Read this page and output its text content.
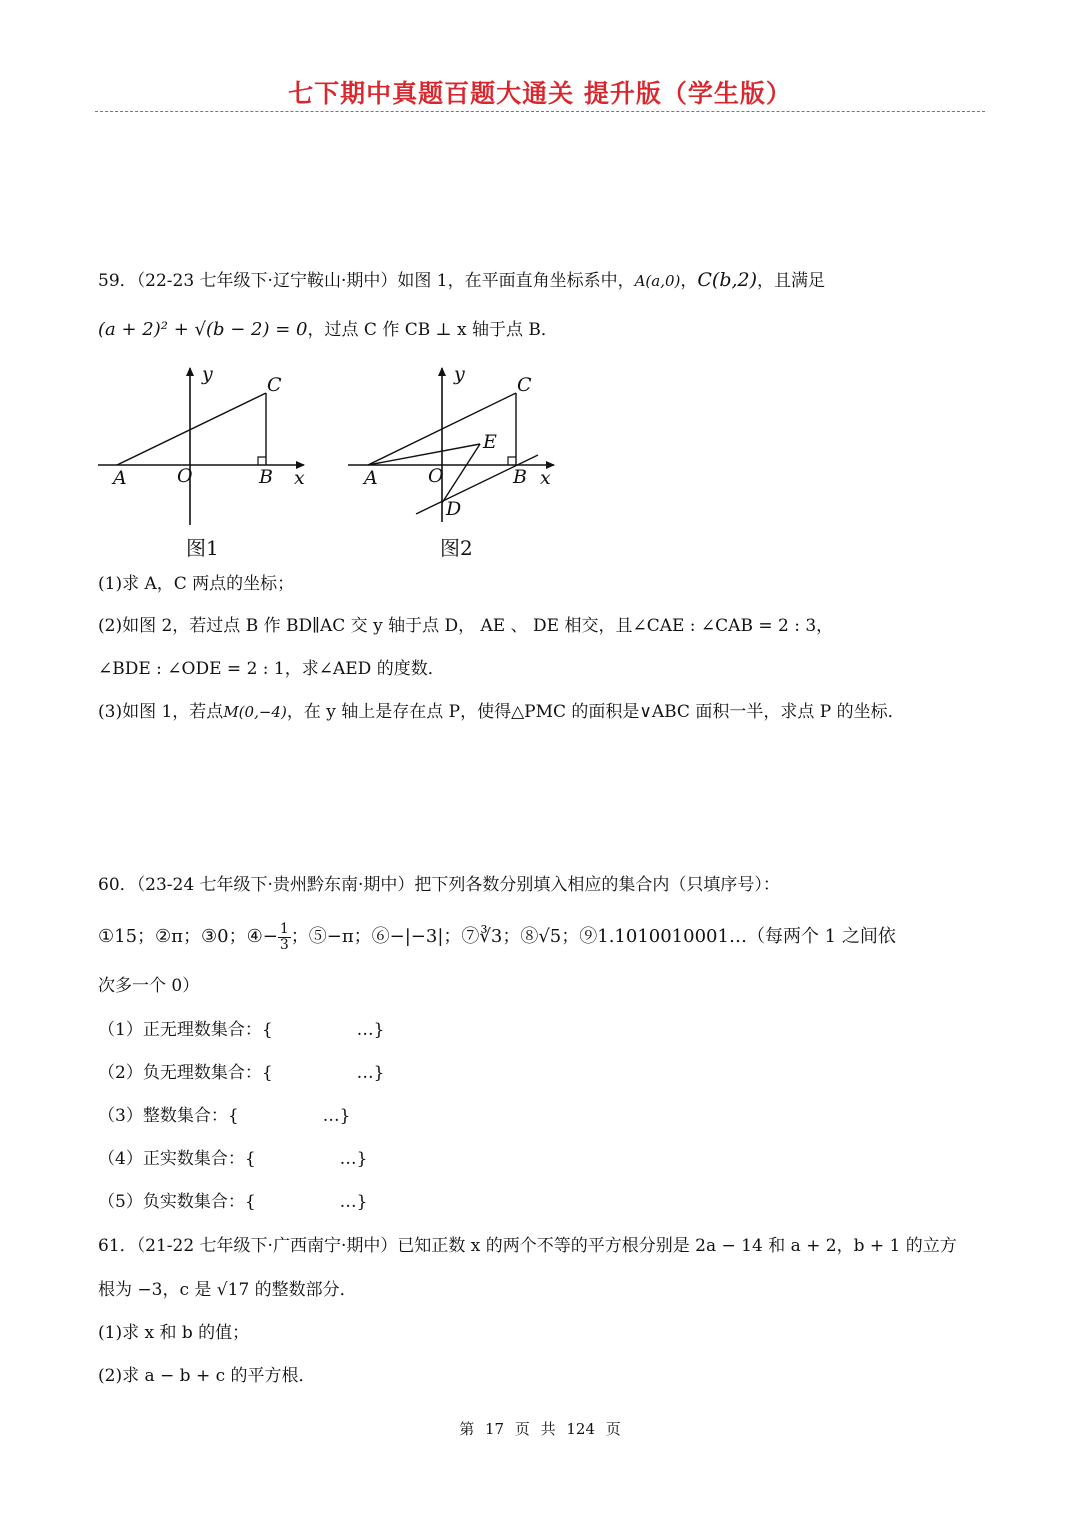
七下期中真题百题大通关 提升版（学生版）
59．（22-23 七年级下·辽宁鞍山·期中）如图 1，在平面直角坐标系中，A(a,0)，C(b,2)，且满足
(a + 2)² + √(b − 2) = 0，过点 C 作 CB ⊥ x 轴于点 B．
y
x
A	O	B
C
图1
y
x
A	O	B
C
E
D
图2
(1)求 A，C 两点的坐标；
(2)如图 2，若过点 B 作 BD∥AC 交 y 轴于点 D， AE 、 DE 相交，且∠CAE : ∠CAB = 2 : 3，
∠BDE : ∠ODE = 2 : 1，求∠AED 的度数．
(3)如图 1，若点M(0,−4)，在 y 轴上是存在点 P，使得△PMC 的面积是∨ABC 面积一半，求点 P 的坐标．
60．（23-24 七年级下·贵州黔东南·期中）把下列各数分别填入相应的集合内（只填序号）：
①15；②π；③0；④− $\frac{1}{3}$ ；⑤−π；⑥−|−3|；⑦∛3；⑧√5；⑨1.1010010001…（每两个 1 之间依
次多一个 0）
（1）正无理数集合：{	…}
（2）负无理数集合：{	…}
（3）整数集合：{	…}
（4）正实数集合：{	…}
（5）负实数集合：{	…}
61．（21-22 七年级下·广西南宁·期中）已知正数 x 的两个不等的平方根分别是 2a − 14 和 a + 2，b + 1 的立方
根为 −3，c 是 √17 的整数部分．
(1)求 x 和 b 的值；
(2)求 a − b + c 的平方根．
第 17 页 共 124 页
